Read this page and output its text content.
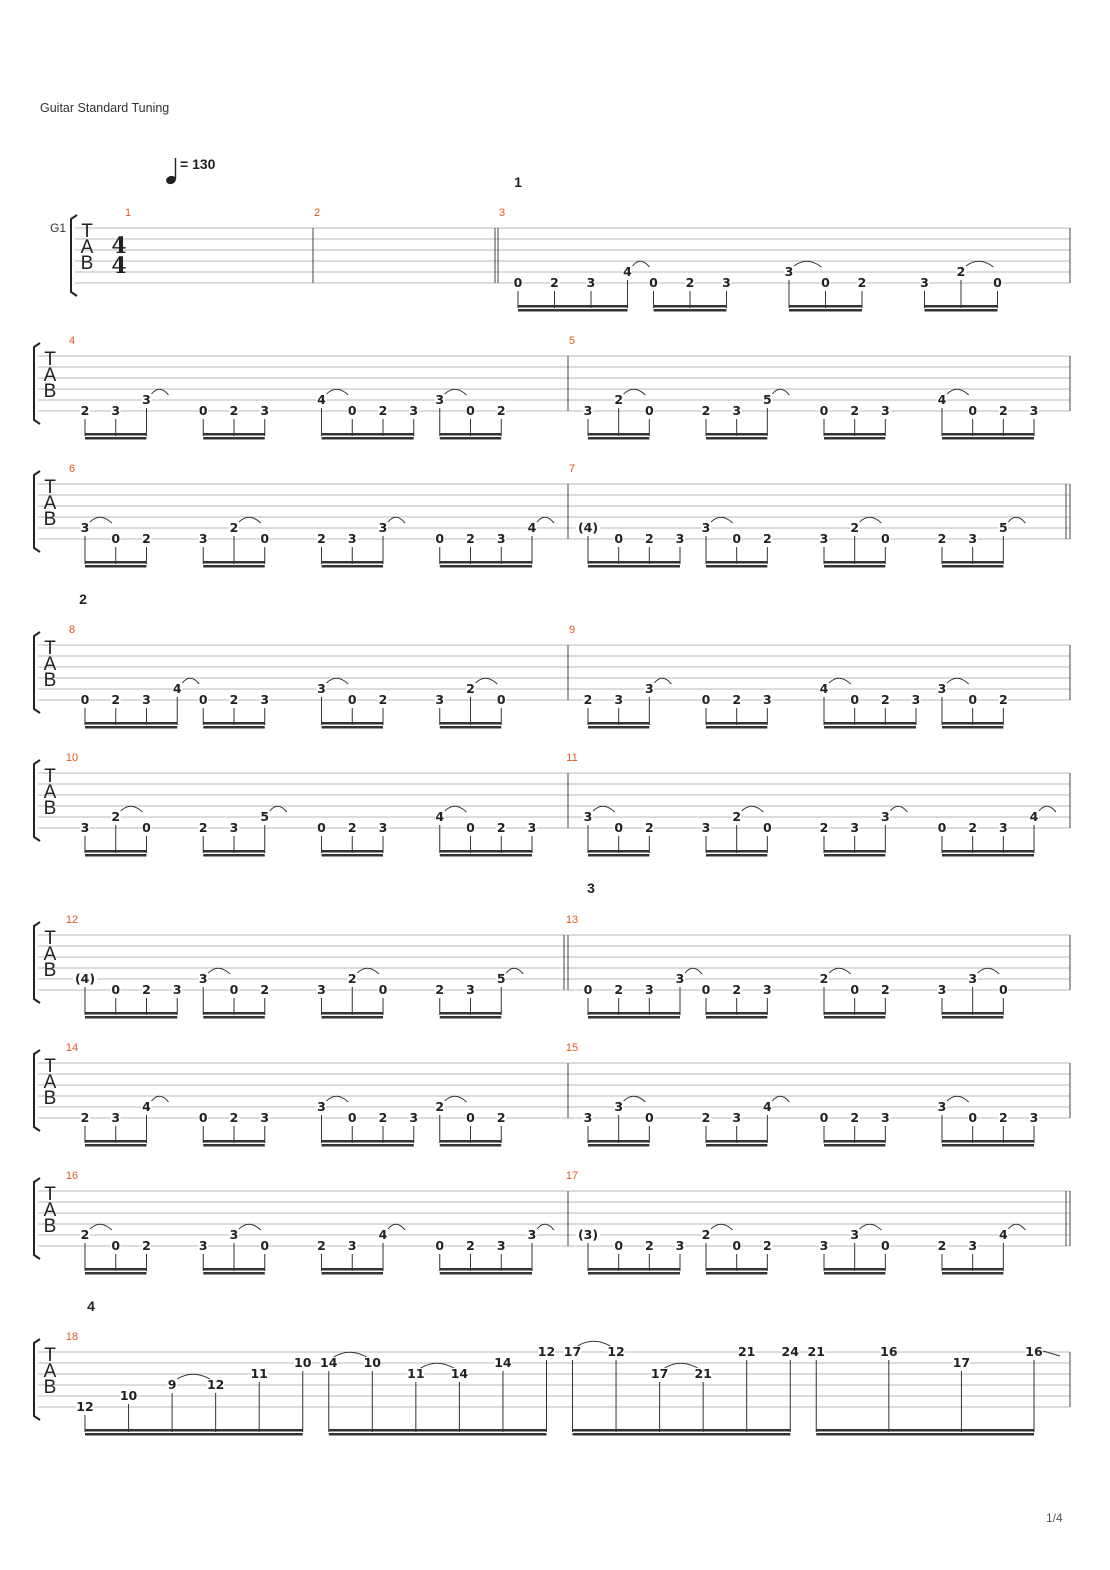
Guitar Standard Tuning
= 130
1
T
A
B
G1
4
4
1	2	3
0 2 3
4
0 2 3
3
0 2	3
2
0
T
A
B
4
2 3
3
0 2 3
4
0 2 3
3
0 2
5
3
2
0	2 3
5
0 2 3
4
0 2 3
T
A
B
6
3
0 2	3
2
0	2 3
3
0 2 3
4
7
(4)
0 2 3
3
0 2	3
2
0	2 3
5
2
T
A
B
8
0 2 3
4
0 2 3
3
0 2	3
2
0
9
2 3
3
0 2 3
4
0 2 3
3
0 2
T
A
B
10
3
2
0	2 3
5
0 2 3
4
0 2 3
11
3
0 2	3
2
0	2 3
3
0 2 3
4
3
T
A
B
12
(4)
0 2 3
3
0 2	3
2
0	2 3
5
13
0 2 3
3
0 2 3
2
0 2	3
3
0
T
A
B
14
2 3
4
0 2 3
3
0 2 3
2
0 2
15
3
3
0	2 3
4
0 2 3
3
0 2 3
T
A
B
16
2
0 2	3
3
0	2 3
4
0 2 3
3
17
(3)
0 2 3
2
0 2	3
3
0	2 3
4
4
T
A
B
18
12
10
9 12
11
10 14 10
11 14
14
12 17 12
17 21
21 24 21	16
17
16
1/4
